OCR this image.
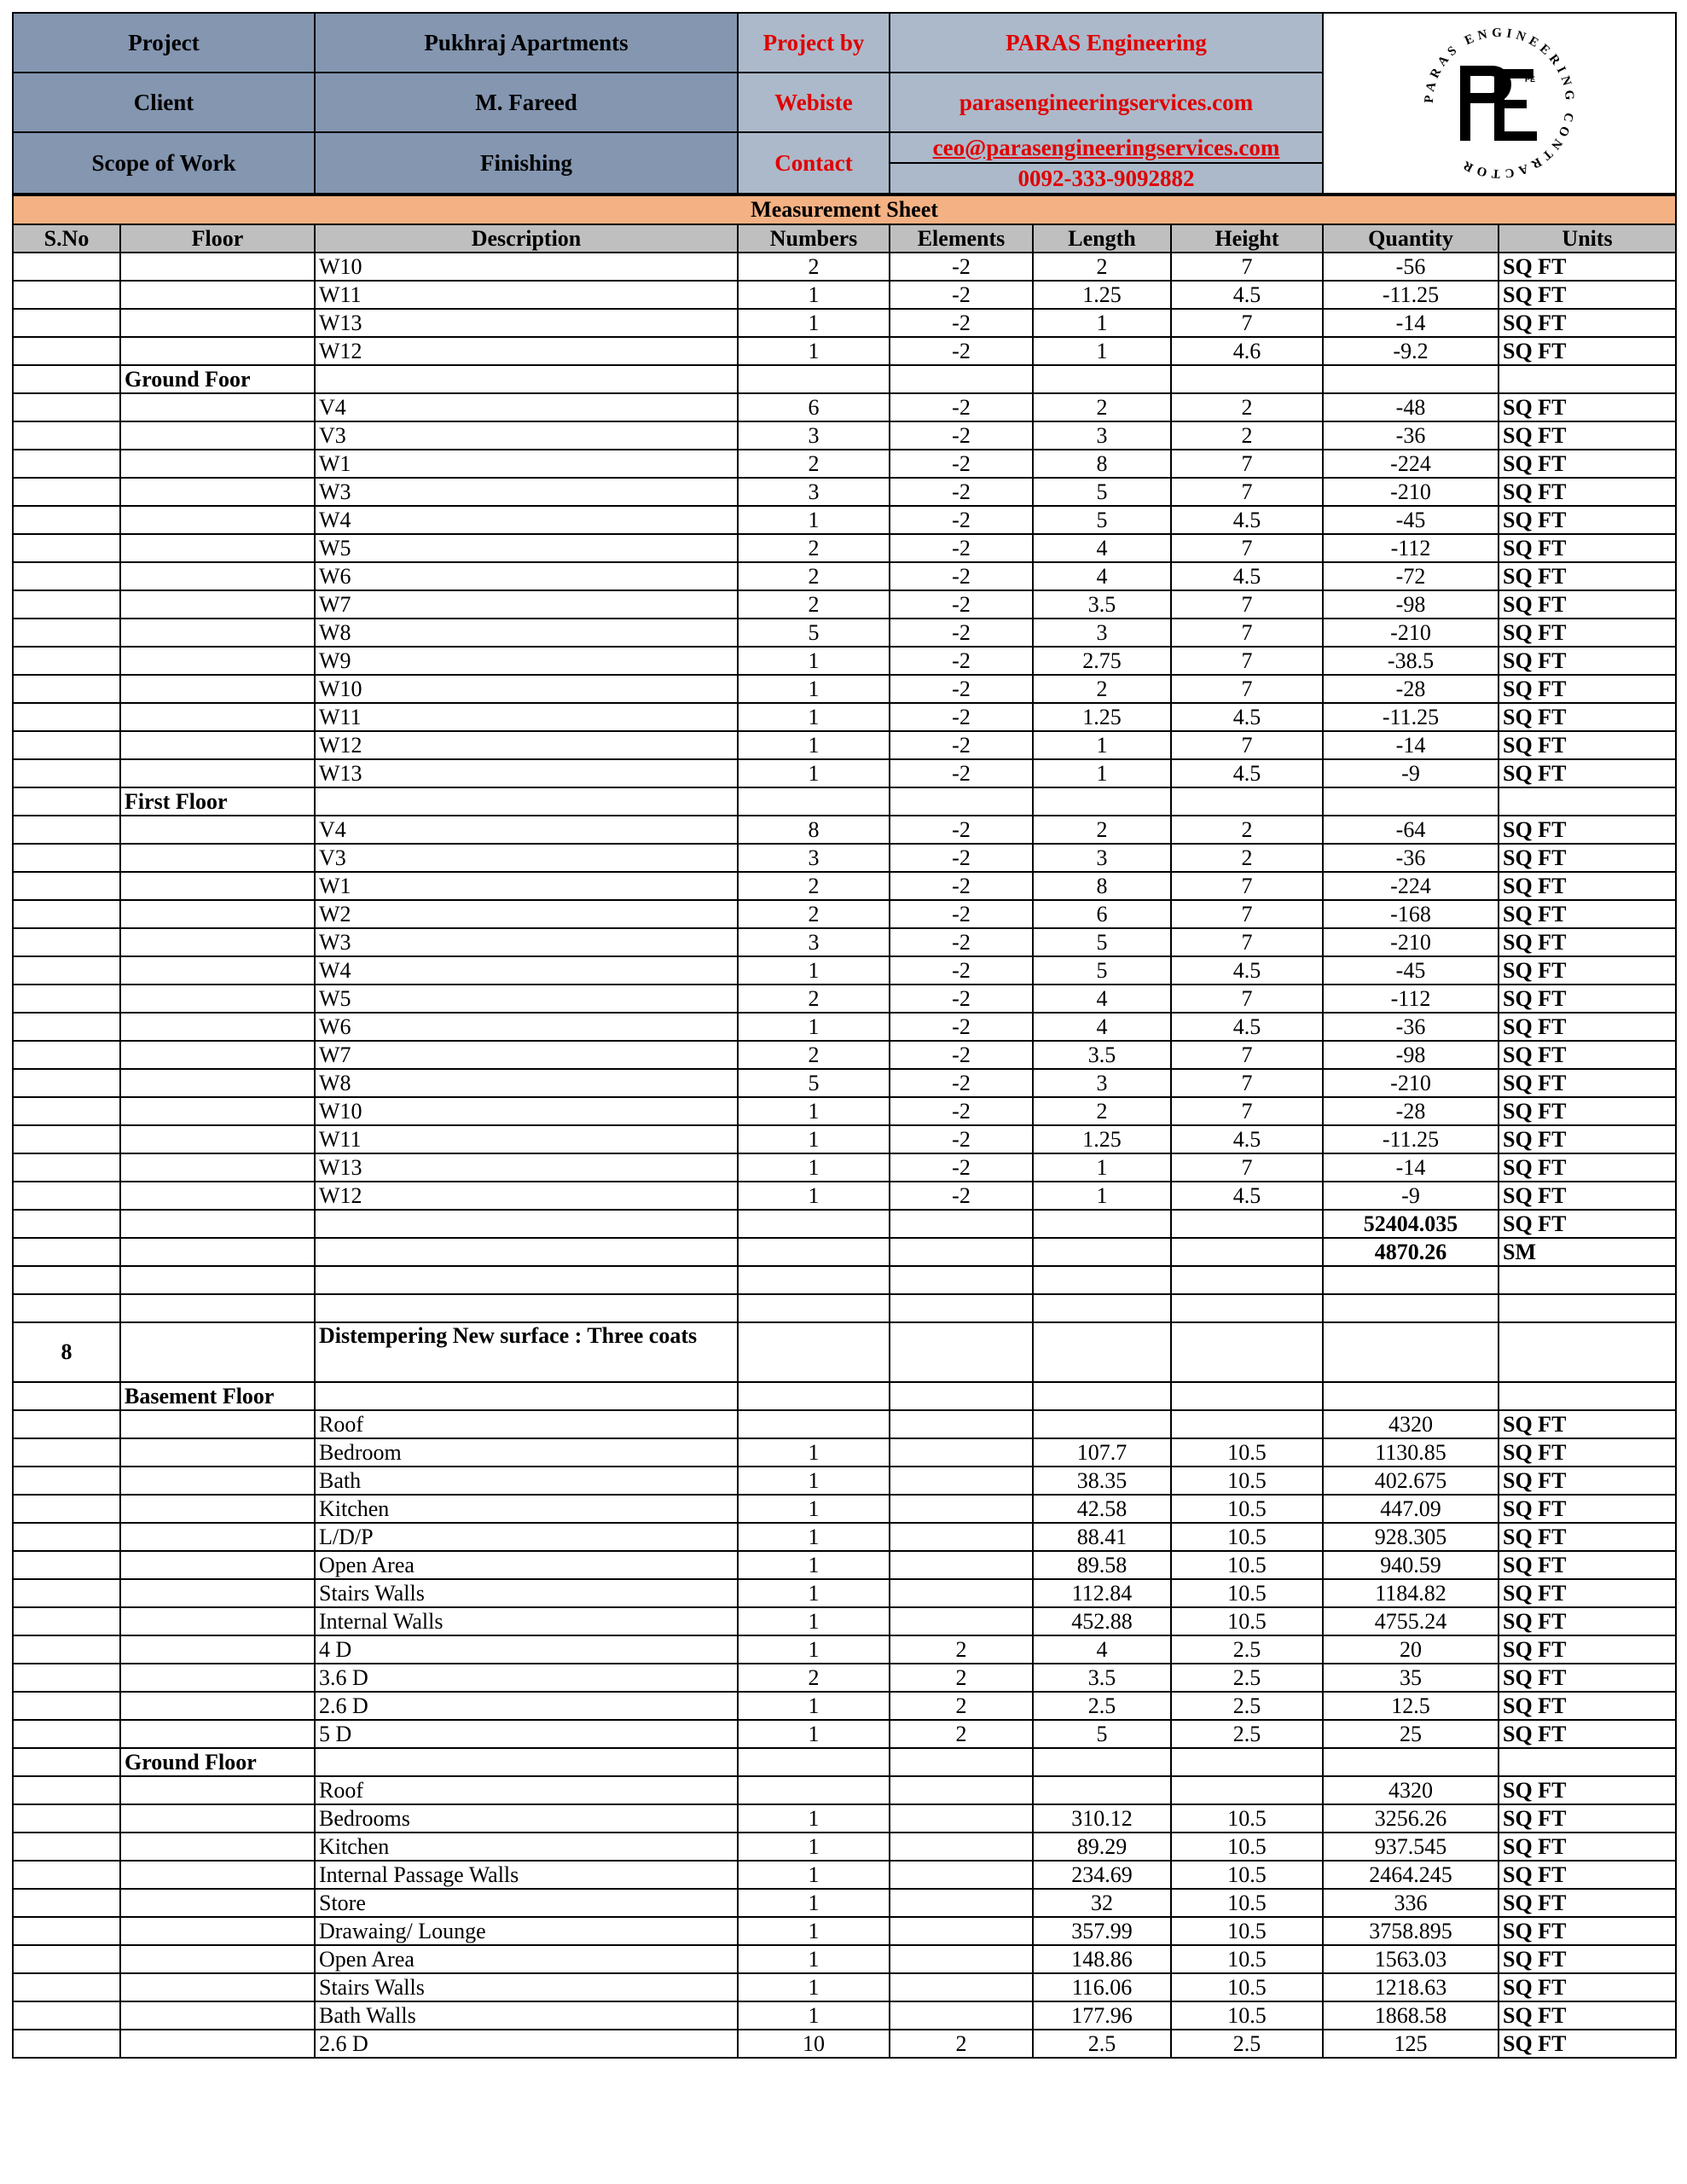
Project	Pukhraj Apartments	Project by	PARAS Engineering	PARAS ENGINEERING CONTRACTOR
PE

Client	M. Fareed	Webiste	parasengineeringservices.com	
Scope of Work	Finishing	Contact	ceo@parasengineeringservices.com
0092-333-9092882	
Measurement Sheet								
S.No	Floor	Description	Numbers	Elements	Length	Height	Quantity	Units
		W10	2	-2	2	7	-56	SQ FT
		W11	1	-2	1.25	4.5	-11.25	SQ FT
		W13	1	-2	1	7	-14	SQ FT
		W12	1	-2	1	4.6	-9.2	SQ FT
	Ground Foor							
		V4	6	-2	2	2	-48	SQ FT
		V3	3	-2	3	2	-36	SQ FT
		W1	2	-2	8	7	-224	SQ FT
		W3	3	-2	5	7	-210	SQ FT
		W4	1	-2	5	4.5	-45	SQ FT
		W5	2	-2	4	7	-112	SQ FT
		W6	2	-2	4	4.5	-72	SQ FT
		W7	2	-2	3.5	7	-98	SQ FT
		W8	5	-2	3	7	-210	SQ FT
		W9	1	-2	2.75	7	-38.5	SQ FT
		W10	1	-2	2	7	-28	SQ FT
		W11	1	-2	1.25	4.5	-11.25	SQ FT
		W12	1	-2	1	7	-14	SQ FT
		W13	1	-2	1	4.5	-9	SQ FT
	First Floor							
		V4	8	-2	2	2	-64	SQ FT
		V3	3	-2	3	2	-36	SQ FT
		W1	2	-2	8	7	-224	SQ FT
		W2	2	-2	6	7	-168	SQ FT
		W3	3	-2	5	7	-210	SQ FT
		W4	1	-2	5	4.5	-45	SQ FT
		W5	2	-2	4	7	-112	SQ FT
		W6	1	-2	4	4.5	-36	SQ FT
		W7	2	-2	3.5	7	-98	SQ FT
		W8	5	-2	3	7	-210	SQ FT
		W10	1	-2	2	7	-28	SQ FT
		W11	1	-2	1.25	4.5	-11.25	SQ FT
		W13	1	-2	1	7	-14	SQ FT
		W12	1	-2	1	4.5	-9	SQ FT
							52404.035	SQ FT
							4870.26	SM

8		Distempering New surface : Three coats						
	Basement Floor							
		Roof					4320	SQ FT
		Bedroom	1		107.7	10.5	1130.85	SQ FT
		Bath	1		38.35	10.5	402.675	SQ FT
		Kitchen	1		42.58	10.5	447.09	SQ FT
		L/D/P	1		88.41	10.5	928.305	SQ FT
		Open Area	1		89.58	10.5	940.59	SQ FT
		Stairs Walls	1		112.84	10.5	1184.82	SQ FT
		Internal Walls	1		452.88	10.5	4755.24	SQ FT
		4 D	1	2	4	2.5	20	SQ FT
		3.6 D	2	2	3.5	2.5	35	SQ FT
		2.6 D	1	2	2.5	2.5	12.5	SQ FT
		5 D	1	2	5	2.5	25	SQ FT
	Ground Floor							
		Roof					4320	SQ FT
		Bedrooms	1		310.12	10.5	3256.26	SQ FT
		Kitchen	1		89.29	10.5	937.545	SQ FT
		Internal Passage Walls	1		234.69	10.5	2464.245	SQ FT
		Store	1		32	10.5	336	SQ FT
		Drawaing/ Lounge	1		357.99	10.5	3758.895	SQ FT
		Open Area	1		148.86	10.5	1563.03	SQ FT
		Stairs Walls	1		116.06	10.5	1218.63	SQ FT
		Bath Walls	1		177.96	10.5	1868.58	SQ FT
		2.6 D	10	2	2.5	2.5	125	SQ FT
